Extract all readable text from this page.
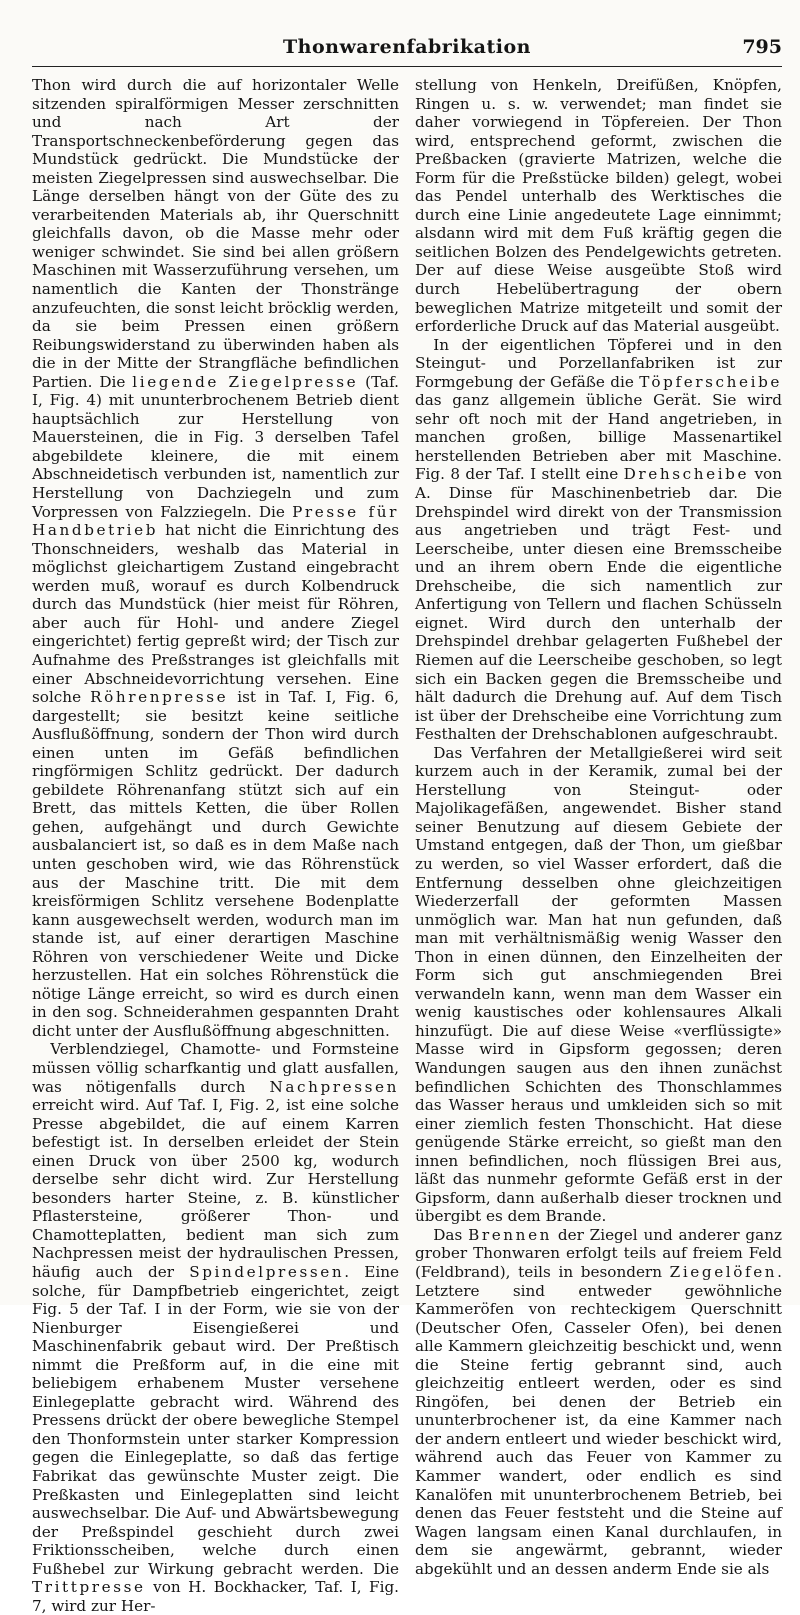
Thonwarenfabrikation	795

Thon wird durch die auf horizontaler Welle sitzenden spiralförmigen Messer zerschnitten und nach Art der Transportschneckenbeförderung gegen das Mundstück gedrückt. Die Mundstücke der meisten Ziegelpressen sind auswechselbar. Die Länge derselben hängt von der Güte des zu verarbeitenden Materials ab, ihr Querschnitt gleichfalls davon, ob die Masse mehr oder weniger schwindet. Sie sind bei allen größern Maschinen mit Wasserzuführung versehen, um namentlich die Kanten der Thonstränge anzufeuchten, die sonst leicht bröcklig werden, da sie beim Pressen einen größern Reibungswiderstand zu überwinden haben als die in der Mitte der Strangfläche befindlichen Partien. Die liegende Ziegelpresse (Taf. I, Fig. 4) mit ununterbrochenem Betrieb dient hauptsächlich zur Herstellung von Mauersteinen, die in Fig. 3 derselben Tafel abgebildete kleinere, die mit einem Abschneidetisch verbunden ist, namentlich zur Herstellung von Dachziegeln und zum Vorpressen von Falzziegeln. Die Presse für Handbetrieb hat nicht die Einrichtung des Thonschneiders, weshalb das Material in möglichst gleichartigem Zustand eingebracht werden muß, worauf es durch Kolbendruck durch das Mundstück (hier meist für Röhren, aber auch für Hohl- und andere Ziegel eingerichtet) fertig gepreßt wird; der Tisch zur Aufnahme des Preßstranges ist gleichfalls mit einer Abschneidevorrichtung versehen. Eine solche Röhrenpresse ist in Taf. I, Fig. 6, dargestellt; sie besitzt keine seitliche Ausflußöffnung, sondern der Thon wird durch einen unten im Gefäß befindlichen ringförmigen Schlitz gedrückt. Der dadurch gebildete Röhrenanfang stützt sich auf ein Brett, das mittels Ketten, die über Rollen gehen, aufgehängt und durch Gewichte ausbalanciert ist, so daß es in dem Maße nach unten geschoben wird, wie das Röhrenstück aus der Maschine tritt. Die mit dem kreisförmigen Schlitz versehene Bodenplatte kann ausgewechselt werden, wodurch man im stande ist, auf einer derartigen Maschine Röhren von verschiedener Weite und Dicke herzustellen. Hat ein solches Röhrenstück die nötige Länge erreicht, so wird es durch einen in den sog. Schneiderahmen gespannten Draht dicht unter der Ausflußöffnung abgeschnitten.

Verblendziegel, Chamotte- und Formsteine müssen völlig scharfkantig und glatt ausfallen, was nötigenfalls durch Nachpressen erreicht wird. Auf Taf. I, Fig. 2, ist eine solche Presse abgebildet, die auf einem Karren befestigt ist. In derselben erleidet der Stein einen Druck von über 2500 kg, wodurch derselbe sehr dicht wird. Zur Herstellung besonders harter Steine, z. B. künstlicher Pflastersteine, größerer Thon- und Chamotteplatten, bedient man sich zum Nachpressen meist der hydraulischen Pressen, häufig auch der Spindelpressen. Eine solche, für Dampfbetrieb eingerichtet, zeigt Fig. 5 der Taf. I in der Form, wie sie von der Nienburger Eisengießerei und Maschinenfabrik gebaut wird. Der Preßtisch nimmt die Preßform auf, in die eine mit beliebigem erhabenem Muster versehene Einlegeplatte gebracht wird. Während des Pressens drückt der obere bewegliche Stempel den Thonformstein unter starker Kompression gegen die Einlegeplatte, so daß das fertige Fabrikat das gewünschte Muster zeigt. Die Preßkasten und Einlegeplatten sind leicht auswechselbar. Die Auf- und Abwärtsbewegung der Preßspindel geschieht durch zwei Friktionsscheiben, welche durch einen Fußhebel zur Wirkung gebracht werden. Die Trittpresse von H. Bockhacker, Taf. I, Fig. 7, wird zur Her-

stellung von Henkeln, Dreifüßen, Knöpfen, Ringen u. s. w. verwendet; man findet sie daher vorwiegend in Töpfereien. Der Thon wird, entsprechend geformt, zwischen die Preßbacken (gravierte Matrizen, welche die Form für die Preßstücke bilden) gelegt, wobei das Pendel unterhalb des Werktisches die durch eine Linie angedeutete Lage einnimmt; alsdann wird mit dem Fuß kräftig gegen die seitlichen Bolzen des Pendelgewichts getreten. Der auf diese Weise ausgeübte Stoß wird durch Hebelübertragung der obern beweglichen Matrize mitgeteilt und somit der erforderliche Druck auf das Material ausgeübt.

In der eigentlichen Töpferei und in den Steingut- und Porzellanfabriken ist zur Formgebung der Gefäße die Töpferscheibe das ganz allgemein übliche Gerät. Sie wird sehr oft noch mit der Hand angetrieben, in manchen großen, billige Massenartikel herstellenden Betrieben aber mit Maschine. Fig. 8 der Taf. I stellt eine Drehscheibe von A. Dinse für Maschinenbetrieb dar. Die Drehspindel wird direkt von der Transmission aus angetrieben und trägt Fest- und Leerscheibe, unter diesen eine Bremsscheibe und an ihrem obern Ende die eigentliche Drehscheibe, die sich namentlich zur Anfertigung von Tellern und flachen Schüsseln eignet. Wird durch den unterhalb der Drehspindel drehbar gelagerten Fußhebel der Riemen auf die Leerscheibe geschoben, so legt sich ein Backen gegen die Bremsscheibe und hält dadurch die Drehung auf. Auf dem Tisch ist über der Drehscheibe eine Vorrichtung zum Festhalten der Drehschablonen aufgeschraubt.

Das Verfahren der Metallgießerei wird seit kurzem auch in der Keramik, zumal bei der Herstellung von Steingut- oder Majolikagefäßen, angewendet. Bisher stand seiner Benutzung auf diesem Gebiete der Umstand entgegen, daß der Thon, um gießbar zu werden, so viel Wasser erfordert, daß die Entfernung desselben ohne gleichzeitigen Wiederzerfall der geformten Massen unmöglich war. Man hat nun gefunden, daß man mit verhältnismäßig wenig Wasser den Thon in einen dünnen, den Einzelheiten der Form sich gut anschmiegenden Brei verwandeln kann, wenn man dem Wasser ein wenig kaustisches oder kohlensaures Alkali hinzufügt. Die auf diese Weise «verflüssigte» Masse wird in Gipsform gegossen; deren Wandungen saugen aus den ihnen zunächst befindlichen Schichten des Thonschlammes das Wasser heraus und umkleiden sich so mit einer ziemlich festen Thonschicht. Hat diese genügende Stärke erreicht, so gießt man den innen befindlichen, noch flüssigen Brei aus, läßt das nunmehr geformte Gefäß erst in der Gipsform, dann außerhalb dieser trocknen und übergibt es dem Brande.

Das Brennen der Ziegel und anderer ganz grober Thonwaren erfolgt teils auf freiem Feld (Feldbrand), teils in besondern Ziegelöfen. Letztere sind entweder gewöhnliche Kammeröfen von rechteckigem Querschnitt (Deutscher Ofen, Casseler Ofen), bei denen alle Kammern gleichzeitig beschickt und, wenn die Steine fertig gebrannt sind, auch gleichzeitig entleert werden, oder es sind Ringöfen, bei denen der Betrieb ein ununterbrochener ist, da eine Kammer nach der andern entleert und wieder beschickt wird, während auch das Feuer von Kammer zu Kammer wandert, oder endlich es sind Kanalöfen mit ununterbrochenem Betrieb, bei denen das Feuer feststeht und die Steine auf Wagen langsam einen Kanal durchlaufen, in dem sie angewärmt, gebrannt, wieder abgekühlt und an dessen anderm Ende sie als
